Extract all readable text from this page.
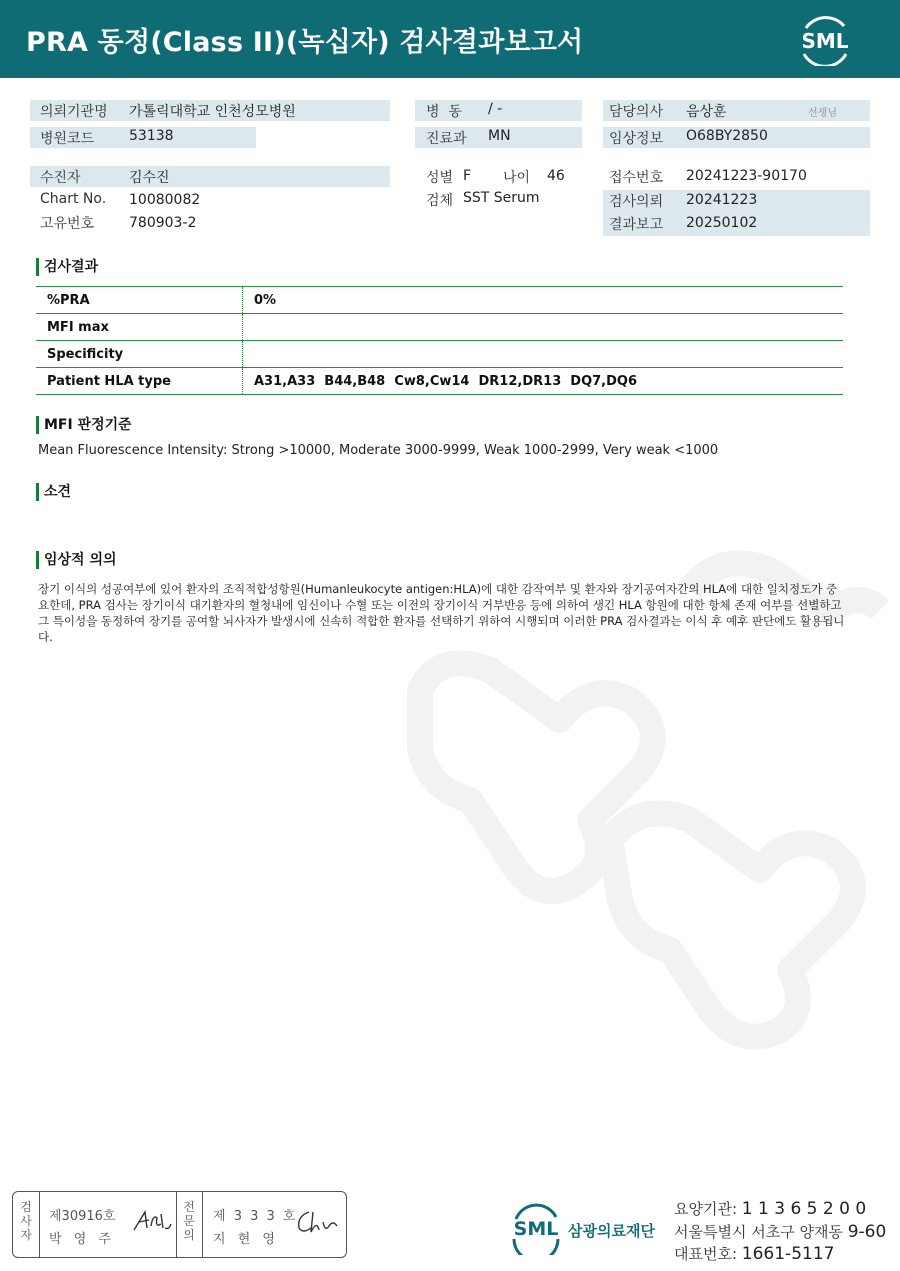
PRA 동정(Class II)(녹십자) 검사결과보고서	SML
의뢰기관명 가톨릭대학교 인천성모병원
병원코드 53138
병  동 / -
진료과 MN
담당의사 음상훈	선생님
임상정보 O68BY2850
수진자	김수진
Chart No. 10080082
고유번호 780903-2
성별 F 나이 46
검체 SST Serum
접수번호 20241223-90170
검사의뢰 20241223
결과보고 20250102
검사결과
%PRA	0%
MFI max	
Specificity	
Patient HLA type	A31,A33  B44,B48  Cw8,Cw14  DR12,DR13  DQ7,DQ6
MFI 판정기준
Mean Fluorescence Intensity: Strong >10000, Moderate 3000-9999, Weak 1000-2999, Very weak <1000
소견
임상적 의의
장기 이식의 성공여부에 있어 환자의 조직적합성항원(Humanleukocyte antigen:HLA)에 대한 감작여부 및 환자와 장기공여자간의 HLA에 대한 일치정도가 중요한데, PRA 검사는 장기이식 대기환자의 혈청내에 임신이나 수혈 또는 이전의 장기이식 거부반응 등에 의하여 생긴 HLA 항원에 대한 항체 존재 여부를 선별하고 그 특이성을 동정하여 장기를 공여할 뇌사자가 발생시에 신속히 적합한 환자를 선택하기 위하여 시행되며 이러한 PRA 검사결과는 이식 후 예후 판단에도 활용됩니다.
검사자
제30916호
박 영 주
전문의
제 3 3 3 호
지 현 영	SML 삼광의료재단
요양기관: 1 1 3 6 5 2 0 0
서울특별시 서초구 양재동 9-60
대표번호: 1661-5117
